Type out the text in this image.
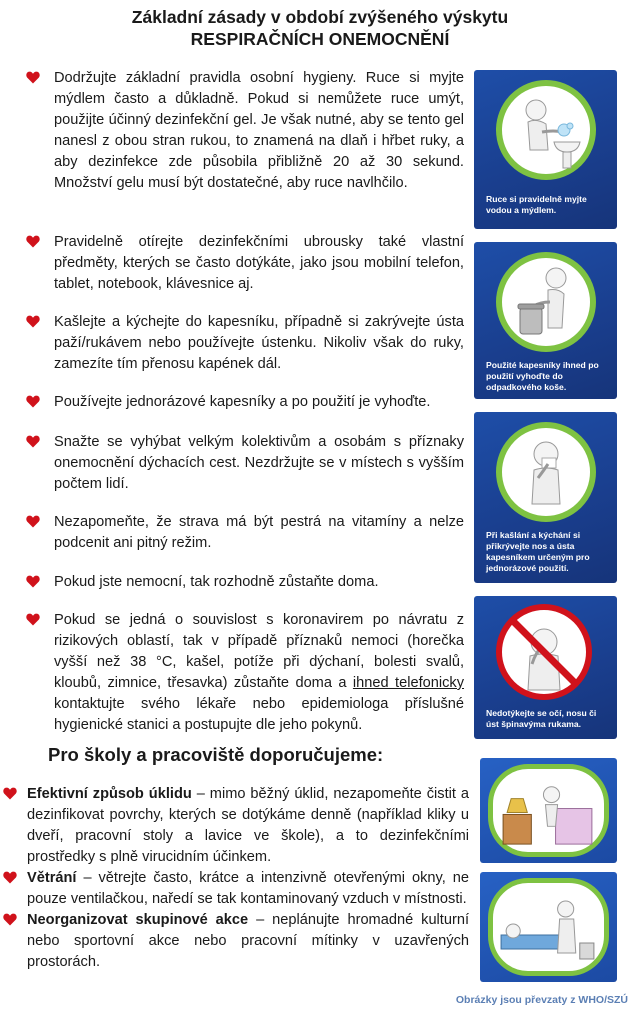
Základní zásady v období zvýšeného výskytu
RESPIRAČNÍCH ONEMOCNĚNÍ
Dodržujte základní pravidla osobní hygieny. Ruce si myjte mýdlem často a důkladně. Pokud si nemůžete ruce umýt, použijte účinný dezinfekční gel. Je však nutné, aby se tento gel nanesl z obou stran rukou, to znamená na dlaň i hřbet ruky, a aby dezinfekce zde působila přibližně 20 až 30 sekund. Množství gelu musí být dostatečné, aby ruce navlhčilo.
Pravidelně otírejte dezinfekčními ubrousky také vlastní předměty, kterých se často dotýkáte, jako jsou mobilní telefon, tablet, notebook, klávesnice aj.
Kašlejte a kýchejte do kapesníku, případně si zakrývejte ústa paží/rukávem nebo používejte ústenku. Nikoliv však do ruky, zamezíte tím přenosu kapének dál.
Používejte jednorázové kapesníky a po použití je vyhoďte.
Snažte se vyhýbat velkým kolektivům a osobám s příznaky onemocnění dýchacích cest. Nezdržujte se v místech s vyšším počtem lidí.
Nezapomeňte, že strava má být pestrá na vitamíny a nelze podcenit ani pitný režim.
Pokud jste nemocní, tak rozhodně zůstaňte doma.
Pokud se jedná o souvislost s koronavirem po návratu z rizikových oblastí, tak v případě příznaků nemoci (horečka vyšší než 38 °C, kašel, potíže při dýchaní, bolesti svalů, kloubů, zimnice, třesavka) zůstaňte doma a ihned telefonicky kontaktujte svého lékaře nebo epidemiologa příslušné hygienické stanici a postupujte dle jeho pokynů.
Pro školy a pracoviště doporučujeme:
Efektivní způsob úklidu – mimo běžný úklid, nezapomeňte čistit a dezinfikovat povrchy, kterých se dotýkáme denně (například kliky u dveří, pracovní stoly a lavice ve škole), a to dezinfekčními prostředky s plně virucidním účinkem.
Větrání – větrejte často, krátce a intenzivně otevřenými okny, ne pouze ventilačkou, naředí se tak kontaminovaný vzduch v místnosti.
Neorganizovat skupinové akce – neplánujte hromadné kulturní nebo sportovní akce nebo pracovní mítinky v uzavřených prostorách.
Ruce si pravidelně myjte vodou a mýdlem.
Použité kapesníky ihned po použití vyhoďte do odpadkového koše.
Při kašlání a kýchání si přikrývejte nos a ústa kapesníkem určeným pro jednorázové použití.
Nedotýkejte se očí, nosu či úst špinavýma rukama.
Obrázky jsou převzaty z WHO/SZÚ
